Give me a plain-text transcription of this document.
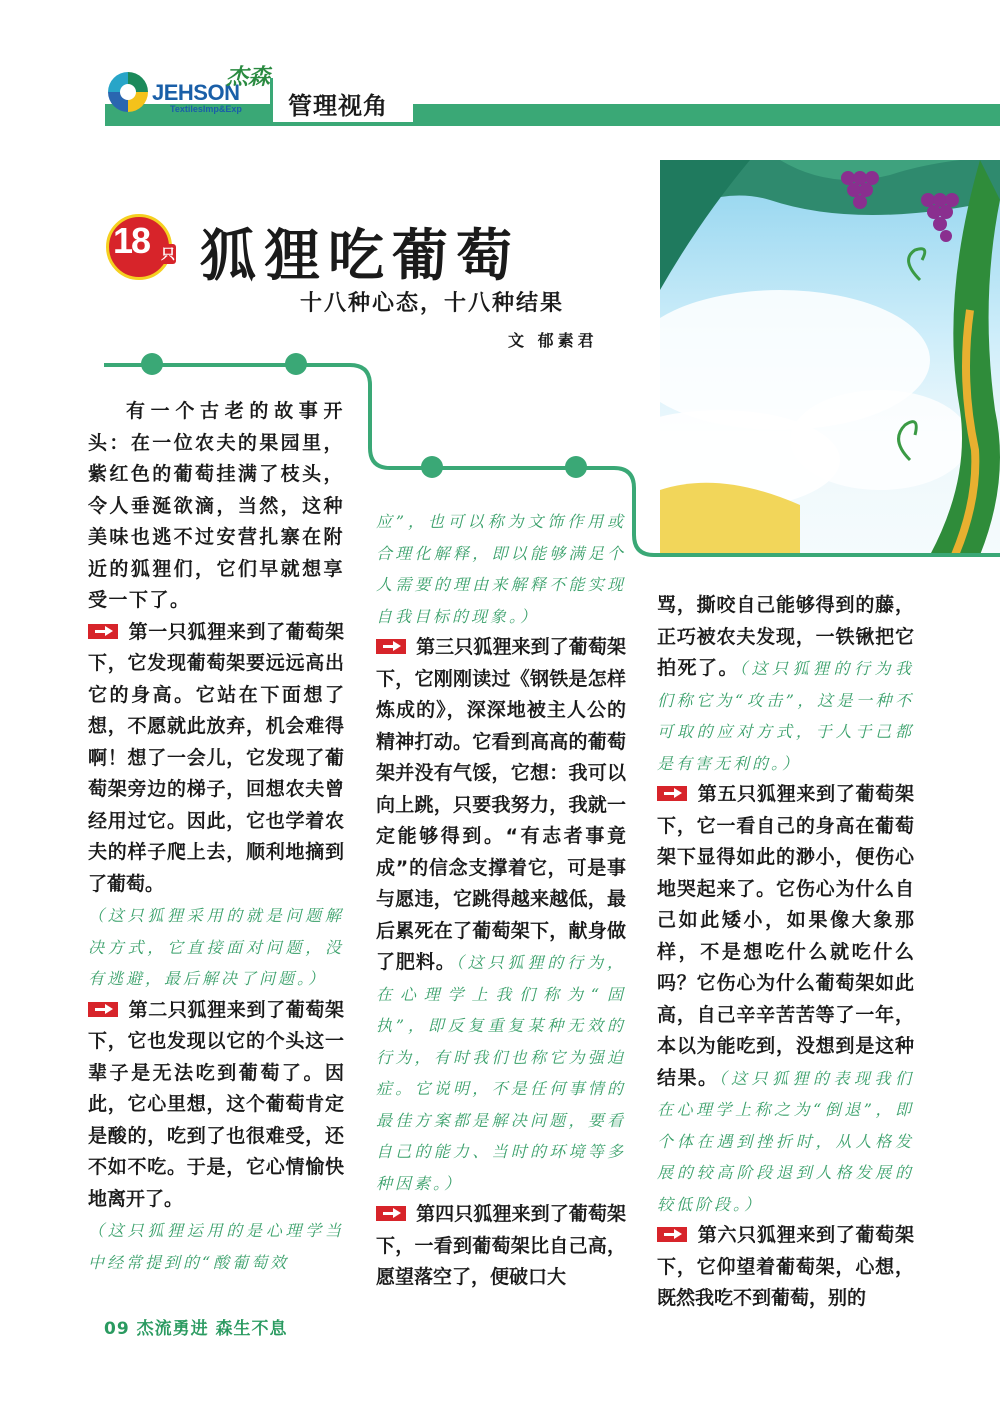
JEHSON
TextilesImp&Exp
杰森
管理视角
18 只 狐狸吃葡萄
十八种心态，十八种结果
文 郁素君

有一个古老的故事开头：在一位农夫的果园里，紫红色的葡萄挂满了枝头，令人垂涎欲滴，当然，这种美味也逃不过安营扎寨在附近的狐狸们，它们早就想享受一下了。

第一只狐狸来到了葡萄架下，它发现葡萄架要远远高出它的身高。它站在下面想了想，不愿就此放弃，机会难得啊！想了一会儿，它发现了葡萄架旁边的梯子，回想农夫曾经用过它。因此，它也学着农夫的样子爬上去，顺利地摘到了葡萄。

（这只狐狸采用的就是问题解决方式，它直接面对问题，没有逃避，最后解决了问题。）

第二只狐狸来到了葡萄架下，它也发现以它的个头这一辈子是无法吃到葡萄了。因此，它心里想，这个葡萄肯定是酸的，吃到了也很难受，还不如不吃。于是，它心情愉快地离开了。

（这只狐狸运用的是心理学当中经常提到的“酸葡萄效

应”，也可以称为文饰作用或合理化解释，即以能够满足个人需要的理由来解释不能实现自我目标的现象。）

第三只狐狸来到了葡萄架下，它刚刚读过《钢铁是怎样炼成的》，深深地被主人公的精神打动。它看到高高的葡萄架并没有气馁，它想：我可以向上跳，只要我努力，我就一定能够得到。“有志者事竟成”的信念支撑着它，可是事与愿违，它跳得越来越低，最后累死在了葡萄架下，献身做了肥料。（这只狐狸的行为，在心理学上我们称为“固执”，即反复重复某种无效的行为，有时我们也称它为强迫症。它说明，不是任何事情的最佳方案都是解决问题，要看自己的能力、当时的环境等多种因素。）

第四只狐狸来到了葡萄架下，一看到葡萄架比自己高，愿望落空了，便破口大

骂，撕咬自己能够得到的藤，正巧被农夫发现，一铁锹把它拍死了。（这只狐狸的行为我们称它为“攻击”，这是一种不可取的应对方式，于人于己都是有害无利的。）

第五只狐狸来到了葡萄架下，它一看自己的身高在葡萄架下显得如此的渺小，便伤心地哭起来了。它伤心为什么自己如此矮小，如果像大象那样，不是想吃什么就吃什么吗？它伤心为什么葡萄架如此高，自己辛辛苦苦等了一年，本以为能吃到，没想到是这种结果。（这只狐狸的表现我们在心理学上称之为“倒退”，即个体在遇到挫折时，从人格发展的较高阶段退到人格发展的较低阶段。）

第六只狐狸来到了葡萄架下，它仰望着葡萄架，心想，既然我吃不到葡萄，别的

09 杰流勇进 森生不息
